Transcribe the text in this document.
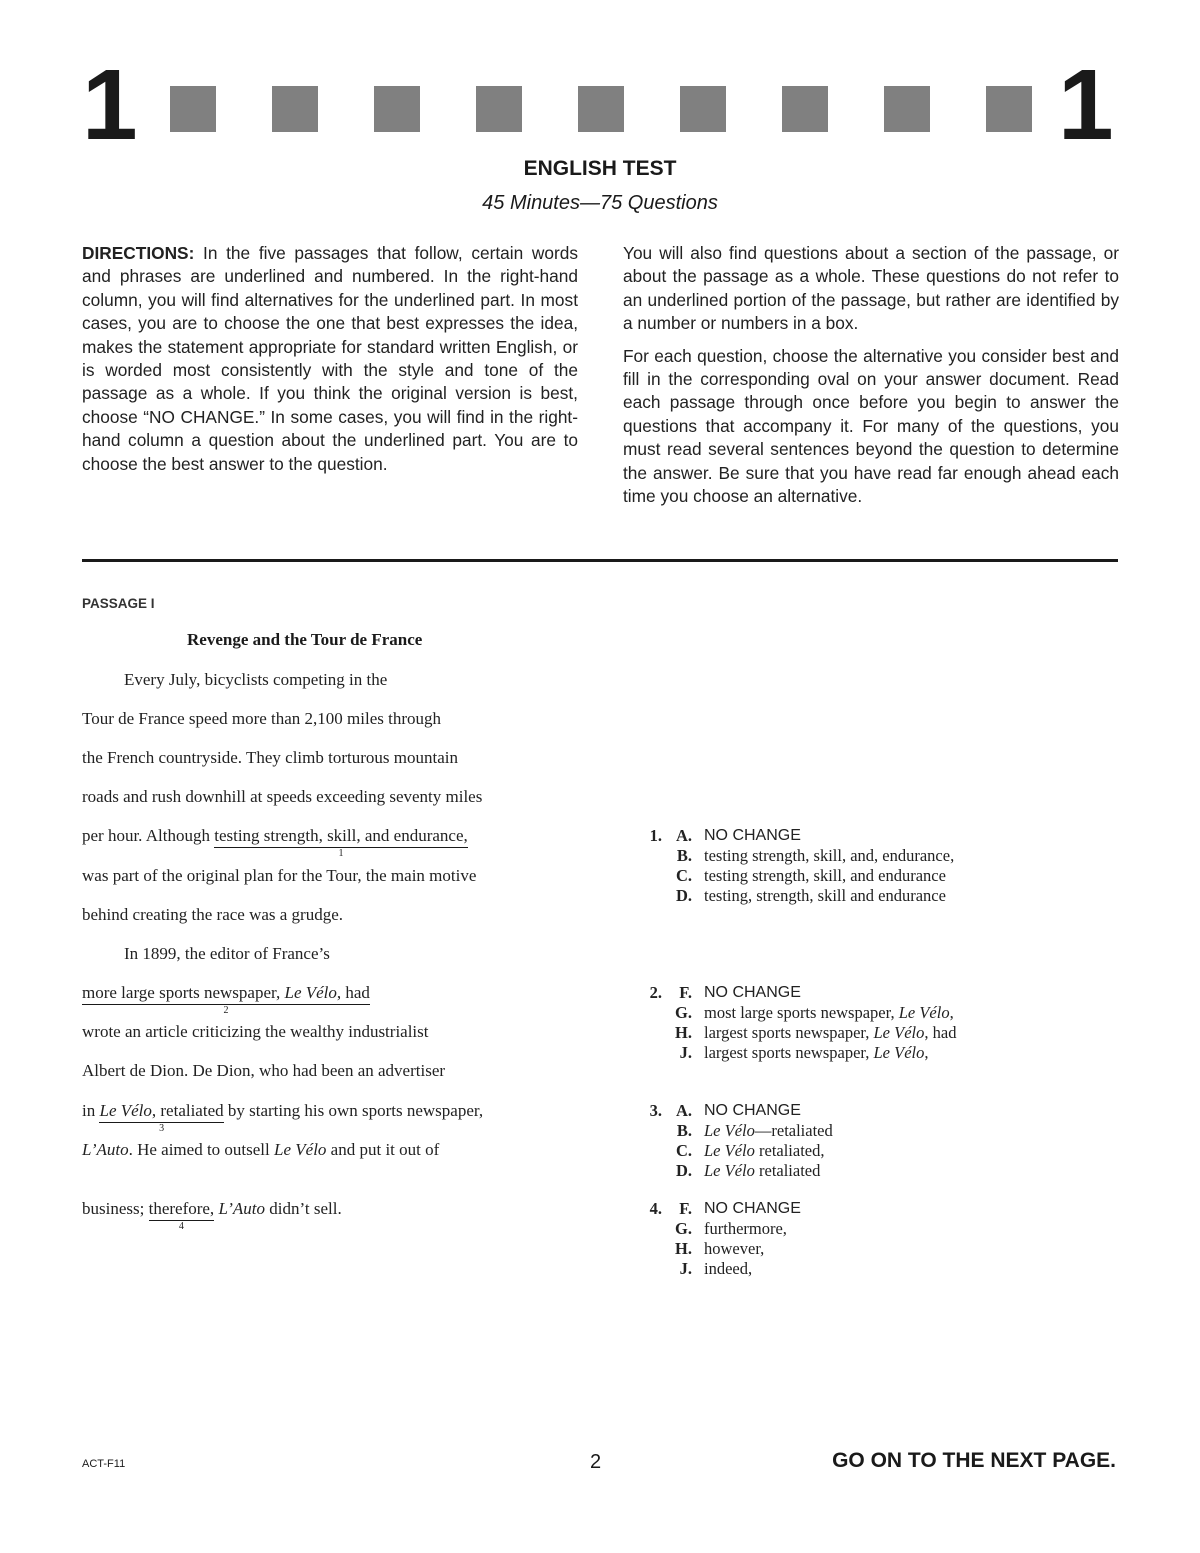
1	1
ENGLISH TEST
45 Minutes—75 Questions

DIRECTIONS: In the five passages that follow, certain words and phrases are underlined and numbered. In the right-hand column, you will find alternatives for the underlined part. In most cases, you are to choose the one that best expresses the idea, makes the statement appropriate for standard written English, or is worded most consistently with the style and tone of the passage as a whole. If you think the original version is best, choose “NO CHANGE.” In some cases, you will find in the right-hand column a question about the underlined part. You are to choose the best answer to the question.

You will also find questions about a section of the passage, or about the passage as a whole. These questions do not refer to an underlined portion of the passage, but rather are identified by a number or numbers in a box.

For each question, choose the alternative you consider best and fill in the corresponding oval on your answer document. Read each passage through once before you begin to answer the questions that accompany it. For many of the questions, you must read several sentences beyond the question to determine the answer. Be sure that you have read far enough ahead each time you choose an alternative.

PASSAGE I
Revenge and the Tour de France
Every July, bicyclists competing in the
Tour de France speed more than 2,100 miles through
the French countryside. They climb torturous mountain
roads and rush downhill at speeds exceeding seventy miles
per hour. Although testing strength, skill, and endurance,
1
was part of the original plan for the Tour, the main motive
behind creating the race was a grudge.
In 1899, the editor of France’s
more large sports newspaper, Le Vélo, had
2
wrote an article criticizing the wealthy industrialist
Albert de Dion. De Dion, who had been an advertiser
in Le Vélo, retaliated
3
by starting his own sports newspaper,
L’Auto. He aimed to outsell Le Vélo and put it out of
business; therefore,
4
L’Auto didn’t sell.
1. A. NO CHANGE
B. testing strength, skill, and, endurance,
C. testing strength, skill, and endurance
D. testing, strength, skill and endurance
2.	F. NO CHANGE
G. most large sports newspaper, Le Vélo,
H. largest sports newspaper, Le Vélo, had
J. largest sports newspaper, Le Vélo,
3. A. NO CHANGE
B. Le Vélo—retaliated
C. Le Vélo retaliated,
D. Le Vélo retaliated
4.	F. NO CHANGE
G. furthermore,
H. however,
J. indeed,
ACT-F11	2	GO ON TO THE NEXT PAGE.
